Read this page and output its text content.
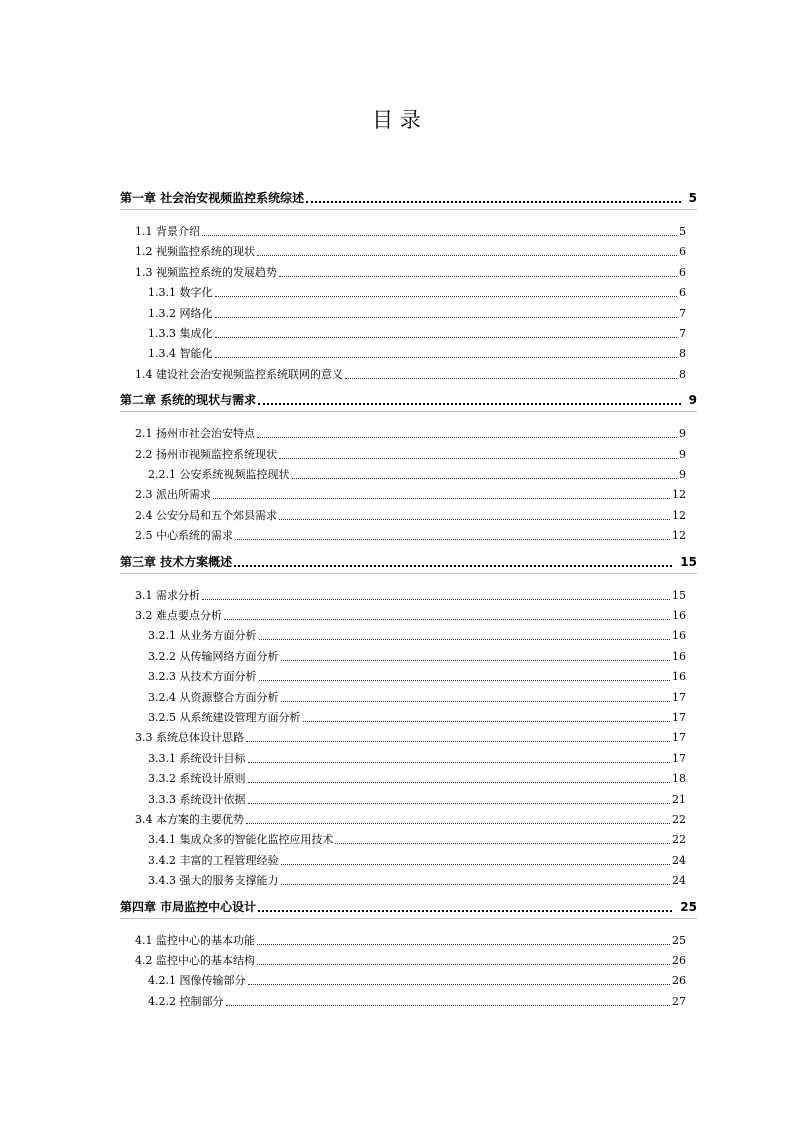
目 录
第一章 社会治安视频监控系统综述	5
1.1 背景介绍	5
1.2 视频监控系统的现状	6
1.3 视频监控系统的发展趋势	6
1.3.1 数字化	6
1.3.2 网络化	7
1.3.3 集成化	7
1.3.4 智能化	8
1.4 建设社会治安视频监控系统联网的意义	8
第二章 系统的现状与需求	9
2.1 扬州市社会治安特点	9
2.2 扬州市视频监控系统现状	9
2.2.1 公安系统视频监控现状	9
2.3 派出所需求	12
2.4 公安分局和五个郊县需求	12
2.5 中心系统的需求	12
第三章 技术方案概述	15
3.1 需求分析	15
3.2 难点要点分析	16
3.2.1 从业务方面分析	16
3.2.2 从传输网络方面分析	16
3.2.3 从技术方面分析	16
3.2.4 从资源整合方面分析	17
3.2.5 从系统建设管理方面分析	17
3.3 系统总体设计思路	17
3.3.1 系统设计目标	17
3.3.2 系统设计原则	18
3.3.3 系统设计依据	21
3.4 本方案的主要优势	22
3.4.1 集成众多的智能化监控应用技术	22
3.4.2 丰富的工程管理经验	24
3.4.3 强大的服务支撑能力	24
第四章 市局监控中心设计	25
4.1 监控中心的基本功能	25
4.2 监控中心的基本结构	26
4.2.1 图像传输部分	26
4.2.2 控制部分	27
